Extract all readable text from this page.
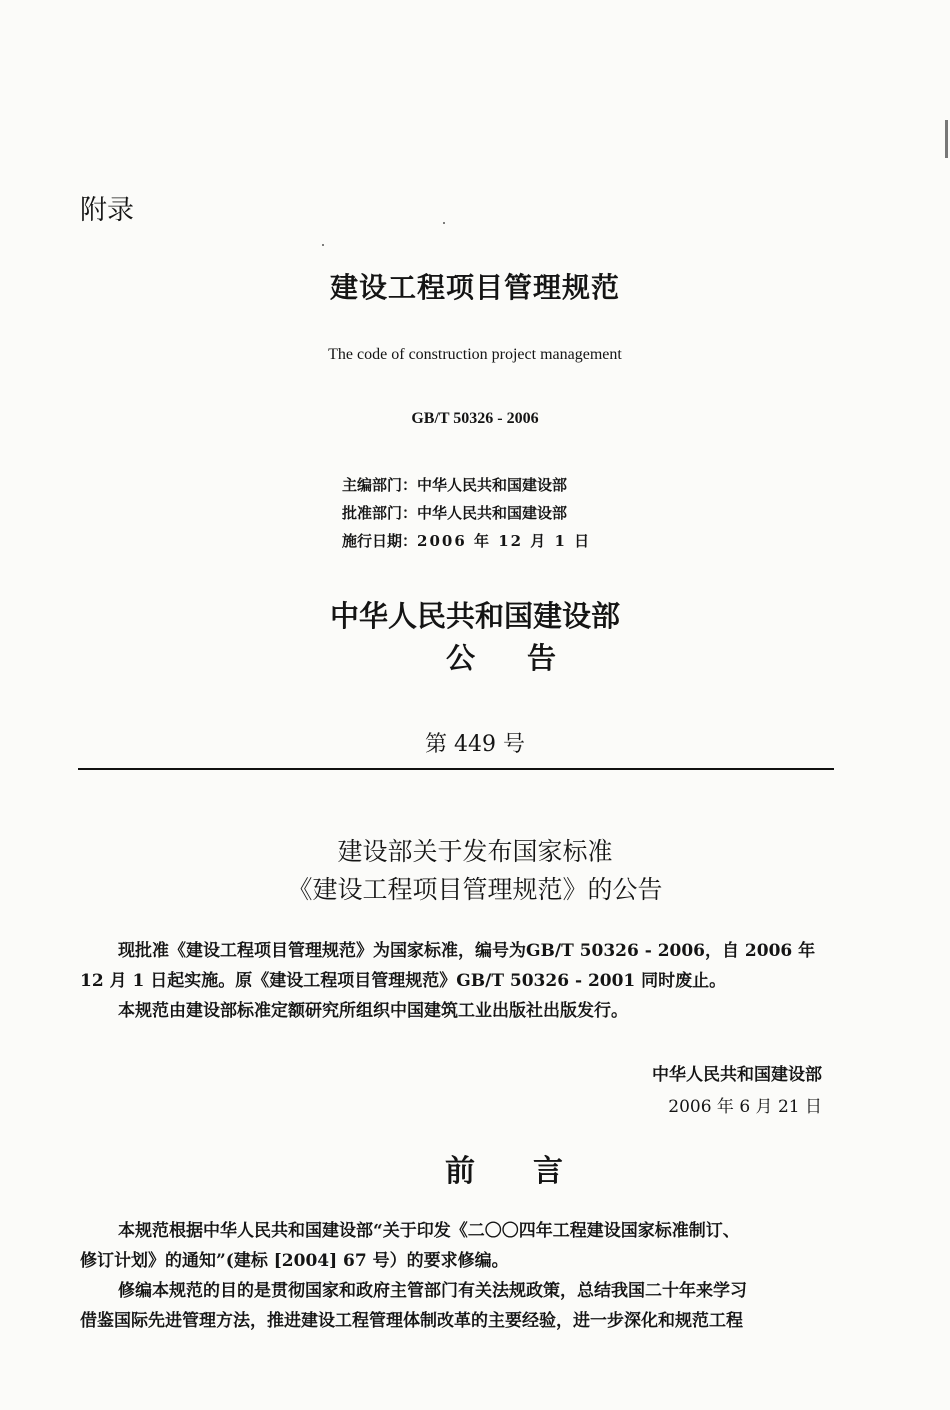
附录
建设工程项目管理规范
The code of construction project management
GB/T 50326 - 2006
主编部门：中华人民共和国建设部
批准部门：中华人民共和国建设部
施行日期：2006 年 12 月 1 日
中华人民共和国建设部
公告
第 449 号
建设部关于发布国家标准
《建设工程项目管理规范》的公告
现批准《建设工程项目管理规范》为国家标准，编号为GB/T 50326 - 2006，自 2006 年
12 月 1 日起实施。原《建设工程项目管理规范》GB/T 50326 - 2001 同时废止。
本规范由建设部标准定额研究所组织中国建筑工业出版社出版发行。
中华人民共和国建设部
2006 年 6 月 21 日
前言
本规范根据中华人民共和国建设部“关于印发《二〇〇四年工程建设国家标准制订、
修订计划》的通知”(建标 [2004] 67 号）的要求修编。
修编本规范的目的是贯彻国家和政府主管部门有关法规政策，总结我国二十年来学习
借鉴国际先进管理方法，推进建设工程管理体制改革的主要经验，进一步深化和规范工程
